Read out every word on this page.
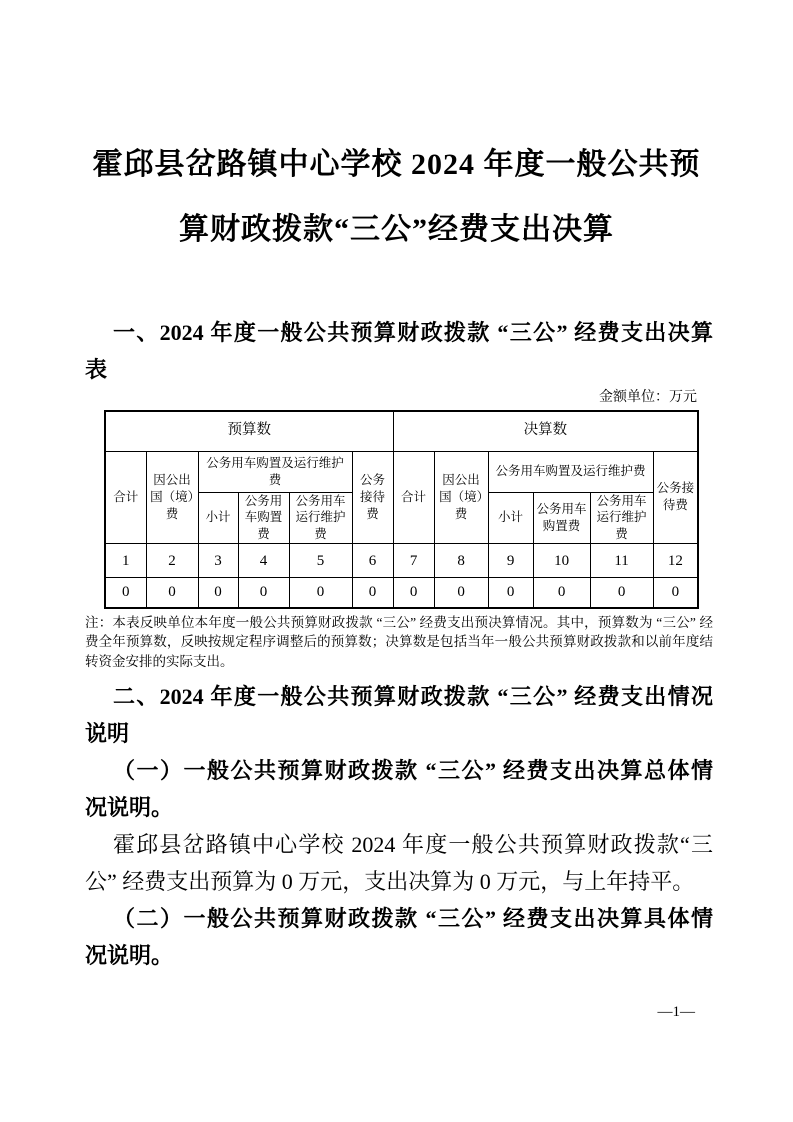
霍邱县岔路镇中心学校 2024 年度一般公共预
算财政拨款“三公”经费支出决算
一、2024 年度一般公共预算财政拨款 “三公” 经费支出决算
表
金额单位：万元
预算数						决算数					
合计	因公出国（境）费	公务用车购置及运行维护费			公务接待费	合计	因公出国（境）费	公务用车购置及运行维护费			公务接待费
		小计	公务用车购置费	公务用车运行维护费				小计	公务用车购置费	公务用车运行维护费	
1	2	3	4	5	6	7	8	9	10	11	12
0	0	0	0	0	0	0	0	0	0	0	0
注：本表反映单位本年度一般公共预算财政拨款 “三公” 经费支出预决算情况。其中，预算数为 “三公” 经费全年预算数，反映按规定程序调整后的预算数；决算数是包括当年一般公共预算财政拨款和以前年度结转资金安排的实际支出。
二、2024 年度一般公共预算财政拨款 “三公” 经费支出情况
说明
（一）一般公共预算财政拨款 “三公” 经费支出决算总体情
况说明。
霍邱县岔路镇中心学校 2024 年度一般公共预算财政拨款“三
公” 经费支出预算为 0 万元，支出决算为 0 万元，与上年持平。
（二）一般公共预算财政拨款 “三公” 经费支出决算具体情
况说明。
—1—
